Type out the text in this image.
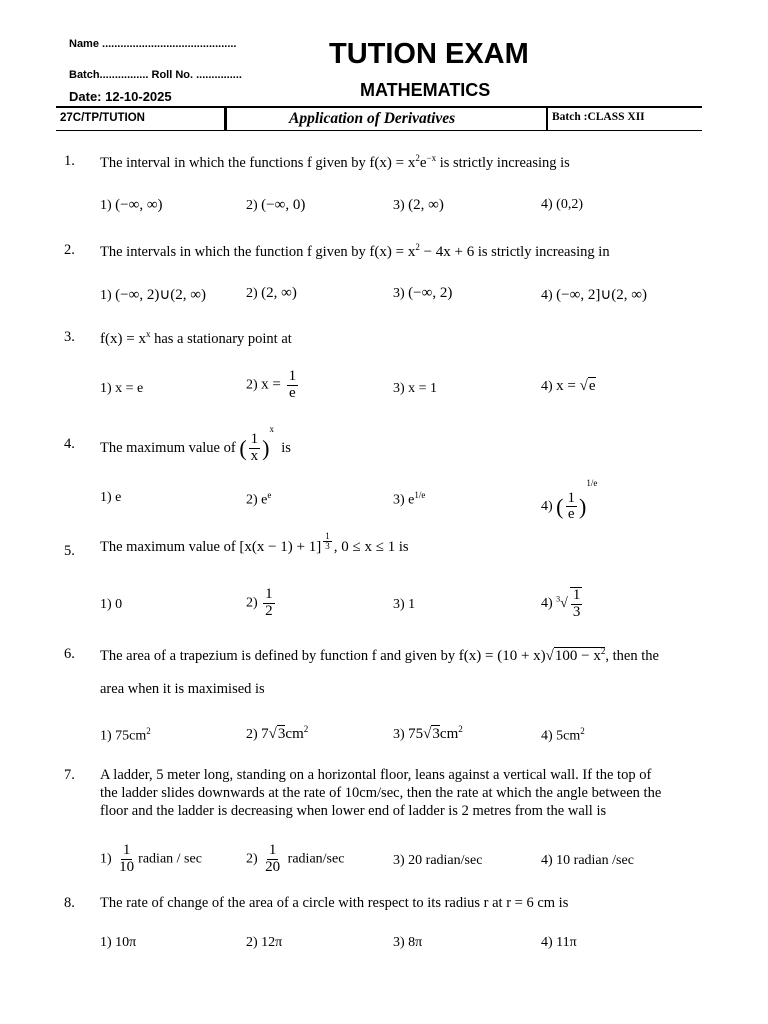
Name ............................................
Batch................ Roll No. ...............
Date: 12-10-2025
TUTION EXAM
MATHEMATICS
27C/TP/TUTION	Application of Derivatives	Batch :CLASS XII
1. The interval in which the functions f given by $f(x) = x^2e^{-x}$ is strictly increasing is
1) (−∞, ∞)	2) (−∞, 0)	3) (2, ∞)	4) (0,2)
2. The intervals in which the function f given by $f(x) = x^2 - 4x + 6$ is strictly increasing in
1) (−∞, 2)∪(2, ∞)	2) (2, ∞)	3) (−∞, 2)	4) (−∞, 2]∪(2, ∞)
3. $f(x) = x^x$ has a stationary point at
1) x = e	2) $x = \frac{1}{e}$	3) x = 1	4) x = √e
4. The maximum value of ( $\frac{1}{x} )^x$  is
1) e	2) $e^e$	3) $e^{1/e}$
4) ( $\frac{1}{e} )^{1/e}$
5. The maximum value of $[x(x - 1) + 1] \frac{1}{3}$ , 0 ≤ x ≤ 1 is
1) 0	$2) \frac{1}{2}$	3) 1	4) $^3√ \frac{1}{3}$
6. The area of a trapezium is defined by function f and given by $f(x) = (10 + x)√100 - x^2$, then the
area when it is maximised is
1) $75cm^2$	2) $7√3cm^2$	3) $75√3cm^2$	4) $5cm^2$
7. A ladder, 5 meter long, standing on a horizontal floor, leans against a vertical wall. If the top of
the ladder slides downwards at the rate of 10cm/sec, then the rate at which the angle between the
floor and the ladder is decreasing when lower end of ladder is 2 metres from the wall is
$1) \frac{1}{10}$ radian / sec	$2) \frac{1}{20}$ radian/sec	3) 20 radian/sec	4) 10 radian /sec
8. The rate of change of the area of a circle with respect to its radius r at r = 6 cm is
1) 10π	2) 12π	3) 8π	4) 11π
